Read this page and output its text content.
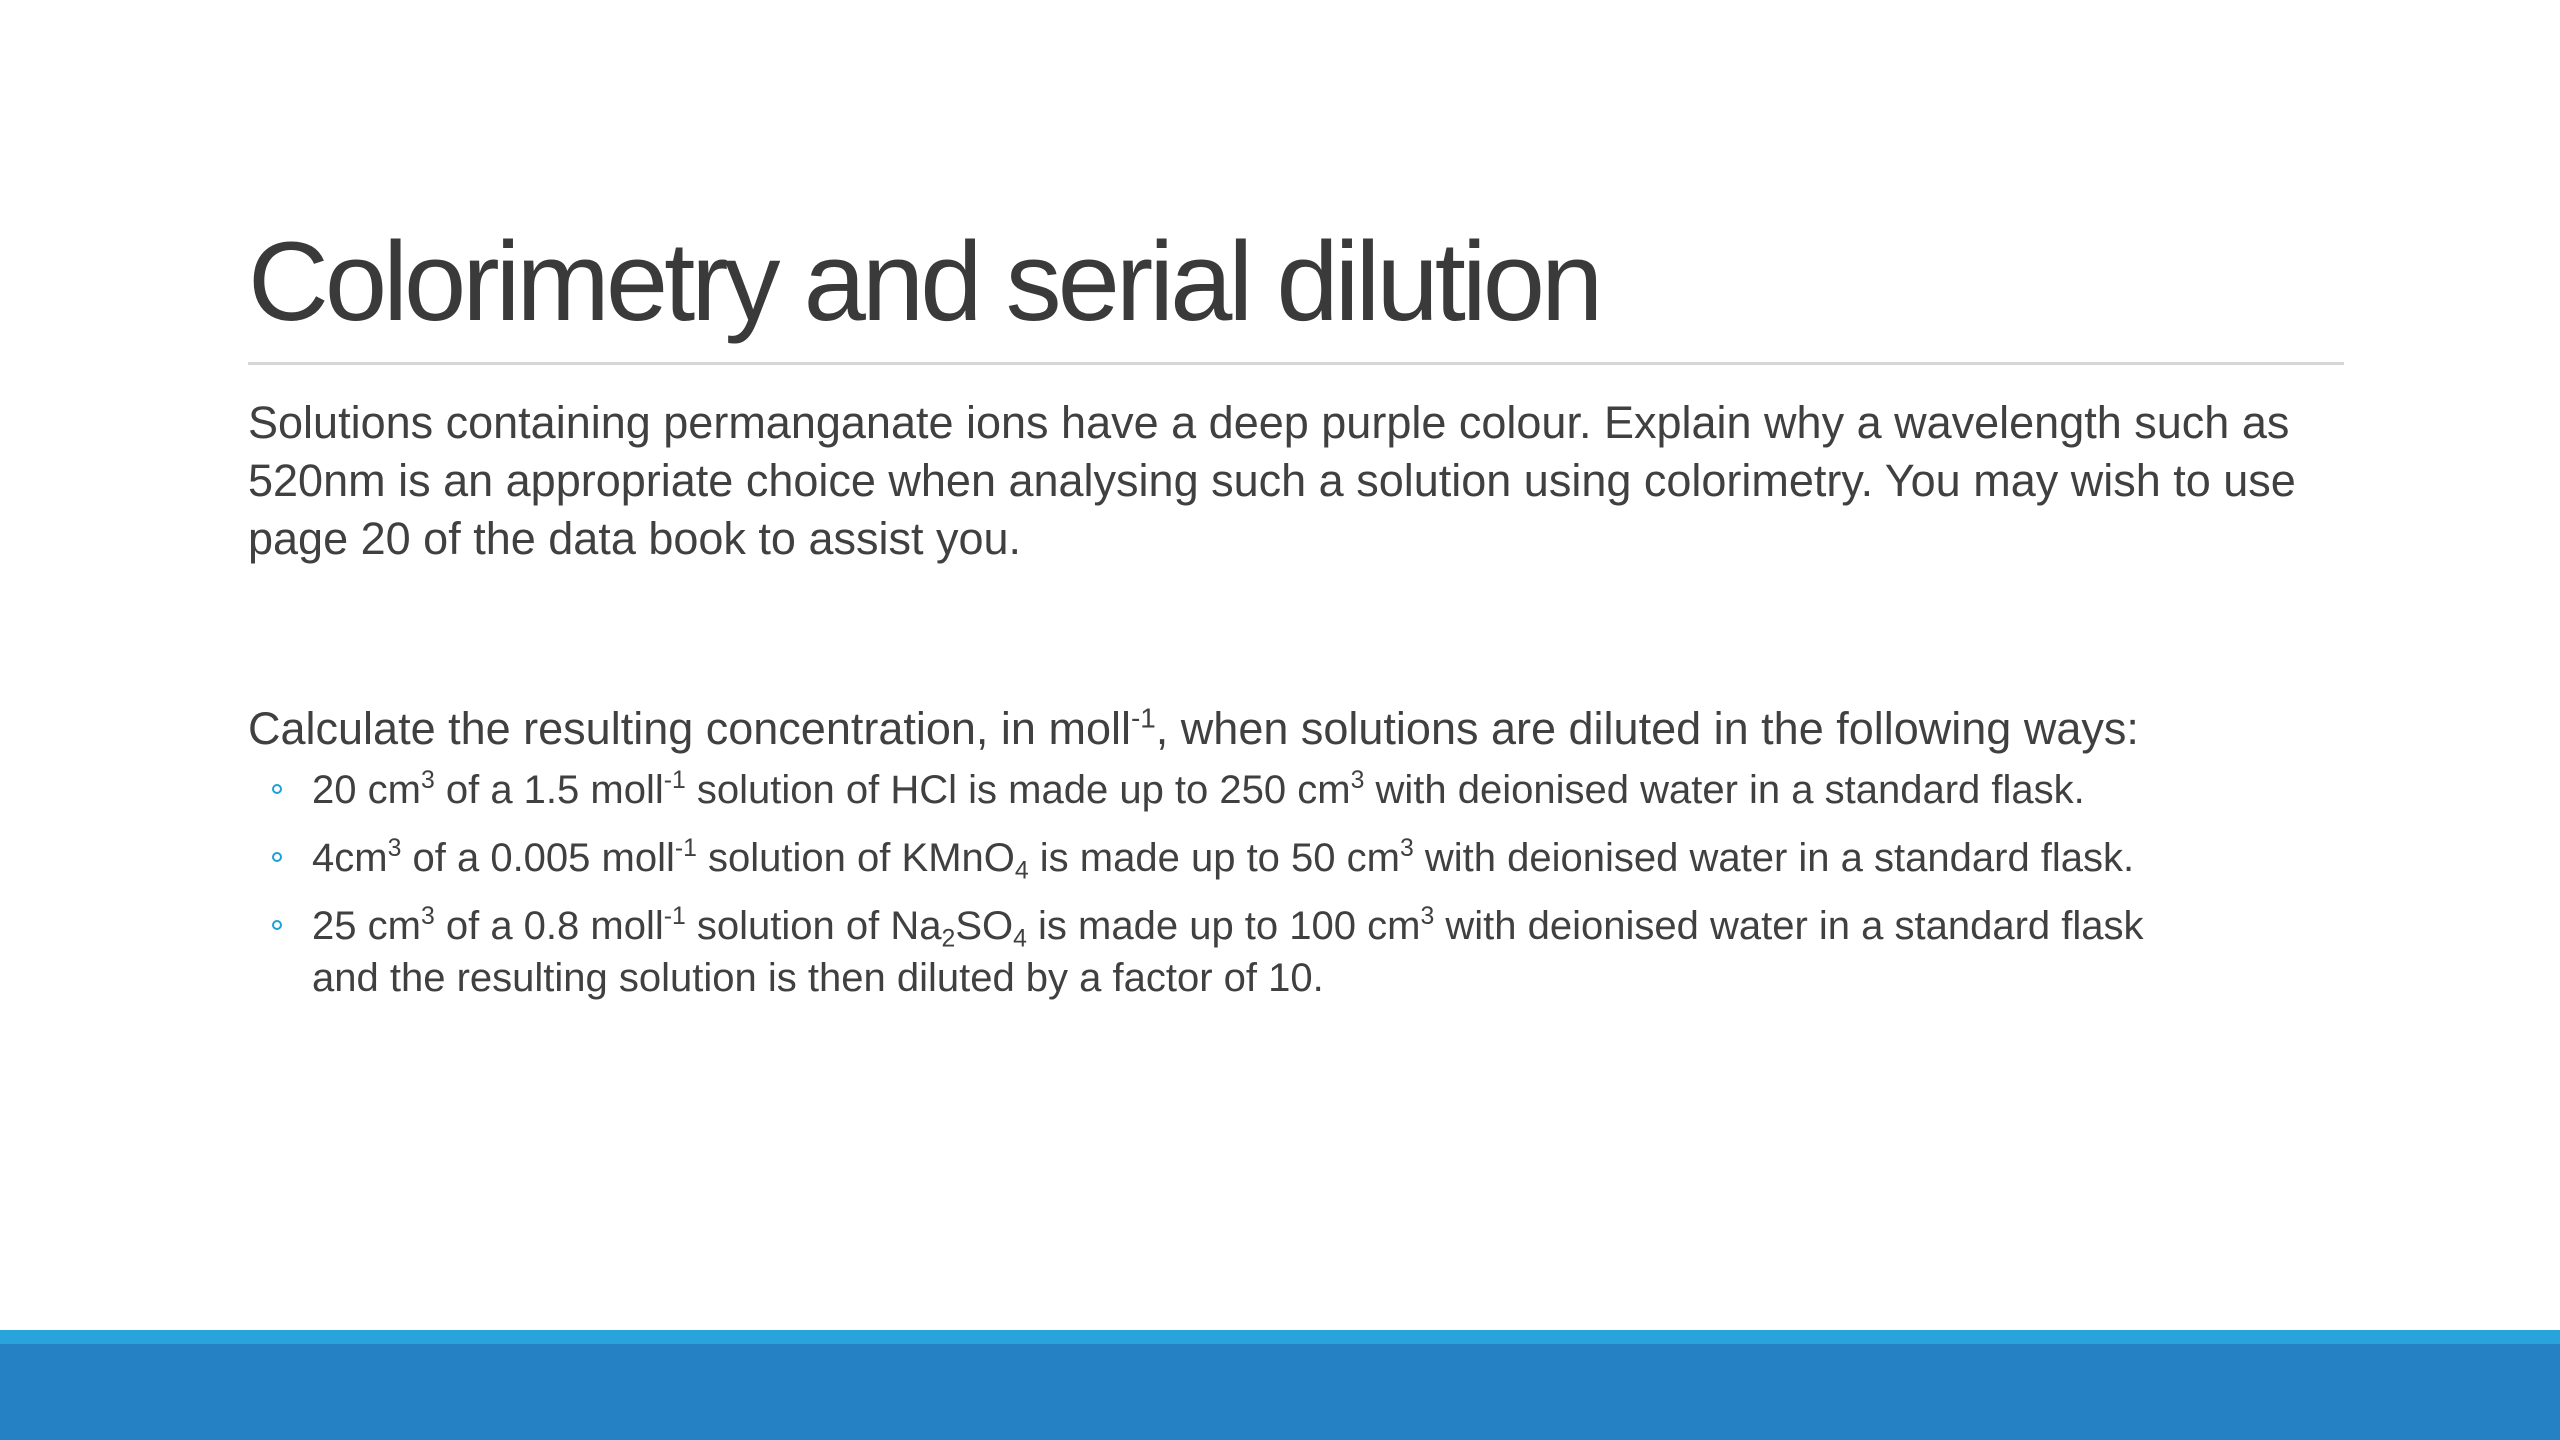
Colorimetry and serial dilution

Solutions containing permanganate ions have a deep purple colour. Explain why a wavelength such as 520nm is an appropriate choice when analysing such a solution using colorimetry. You may wish to use page 20 of the data book to assist you.

Calculate the resulting concentration, in moll$^{-1}$, when solutions are diluted in the following ways:

20 $cm^3$ of a 1.5 moll$^{-1}$ solution of HCl is made up to 250 $cm^3$ with deionised water in a standard flask.
$4cm^3$ of a 0.005 moll$^{-1}$ solution of KMnO$_4$ is made up to 50 $cm^3$ with deionised water in a standard flask.
25 $cm^3$ of a 0.8 moll$^{-1}$ solution of $Na_2SO_4$ is made up to 100 $cm^3$ with deionised water in a standard flask
and the resulting solution is then diluted by a factor of 10.
